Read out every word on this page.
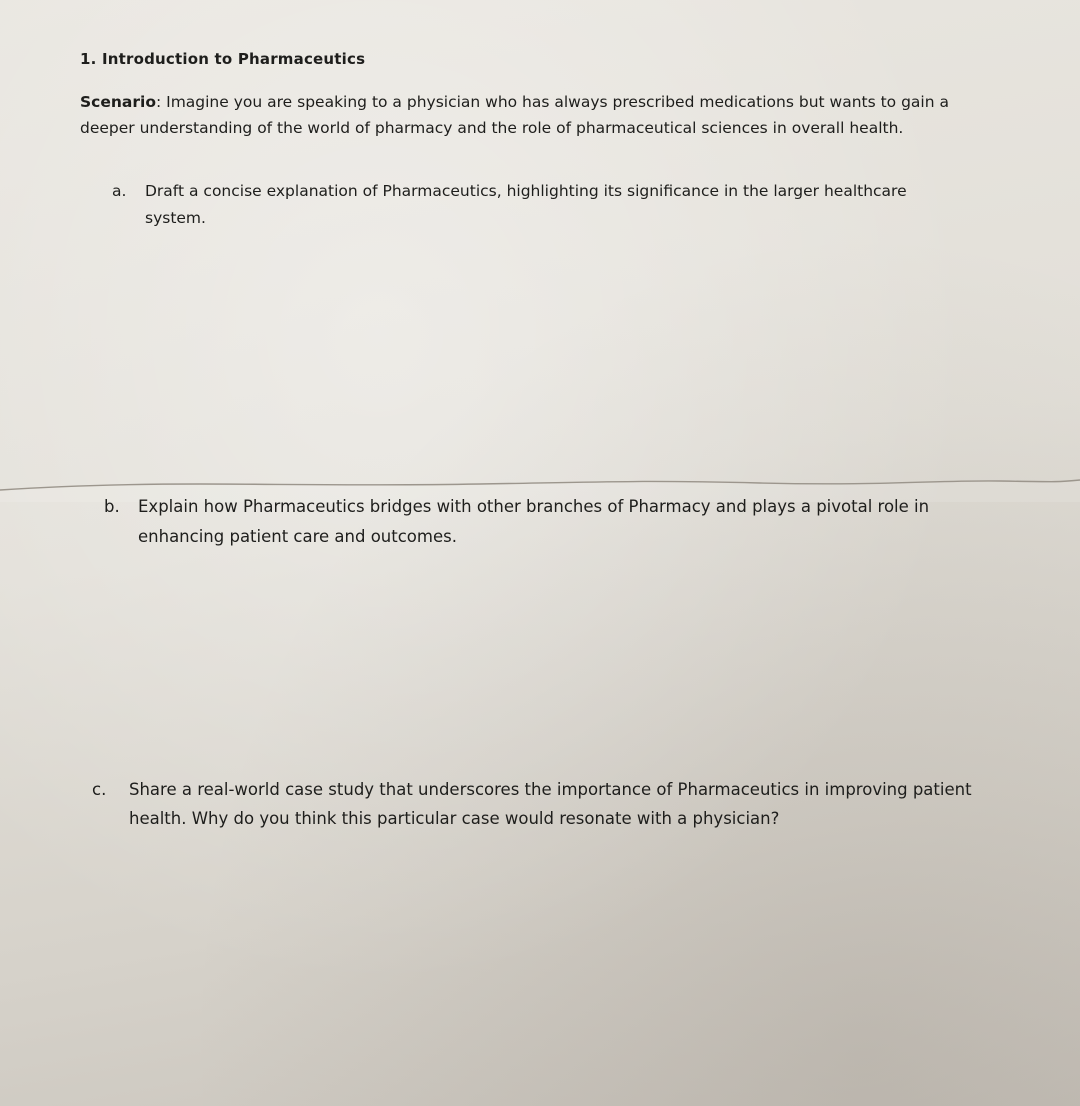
1. Introduction to Pharmaceutics
Scenario: Imagine you are speaking to a physician who has always prescribed medications but wants to gain a deeper understanding of the world of pharmacy and the role of pharmaceutical sciences in overall health.
a. Draft a concise explanation of Pharmaceutics, highlighting its significance in the larger healthcare system.
b. Explain how Pharmaceutics bridges with other branches of Pharmacy and plays a pivotal role in enhancing patient care and outcomes.
c. Share a real-world case study that underscores the importance of Pharmaceutics in improving patient health. Why do you think this particular case would resonate with a physician?
